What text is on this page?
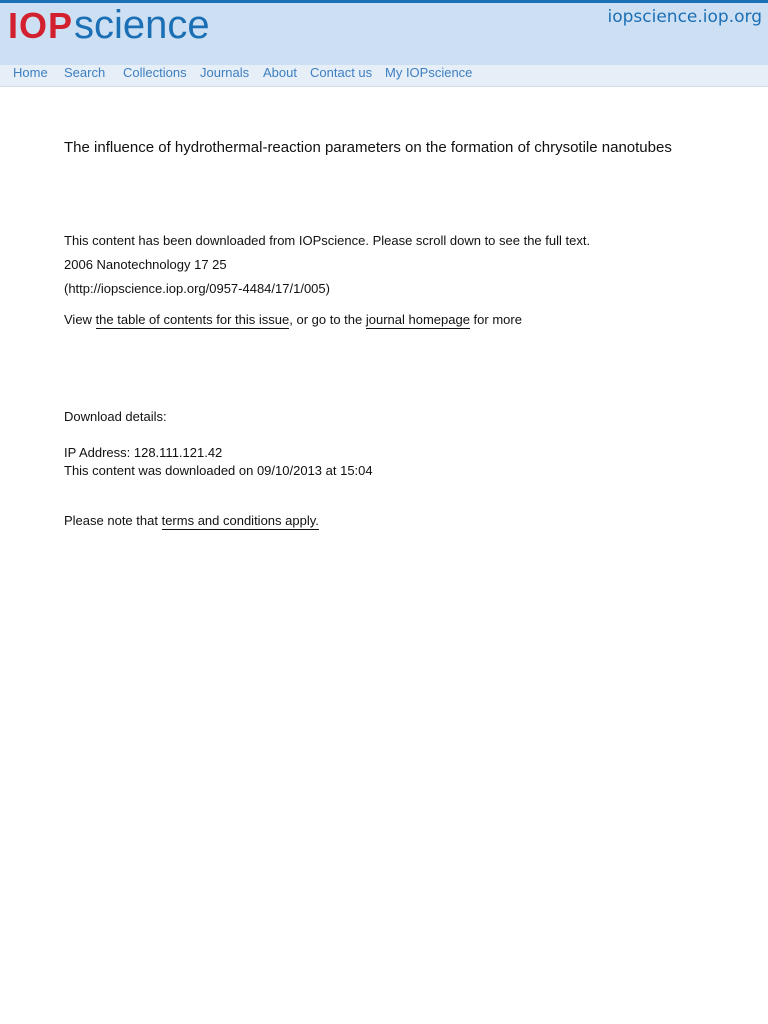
IOP science	iopscience.iop.org
Home Search Collections Journals About Contact us My IOPscience
The influence of hydrothermal-reaction parameters on the formation of chrysotile nanotubes
This content has been downloaded from IOPscience. Please scroll down to see the full text.
2006 Nanotechnology 17 25
(http://iopscience.iop.org/0957-4484/17/1/005)
View the table of contents for this issue, or go to the journal homepage for more
Download details:
IP Address: 128.111.121.42
This content was downloaded on 09/10/2013 at 15:04
Please note that terms and conditions apply.
